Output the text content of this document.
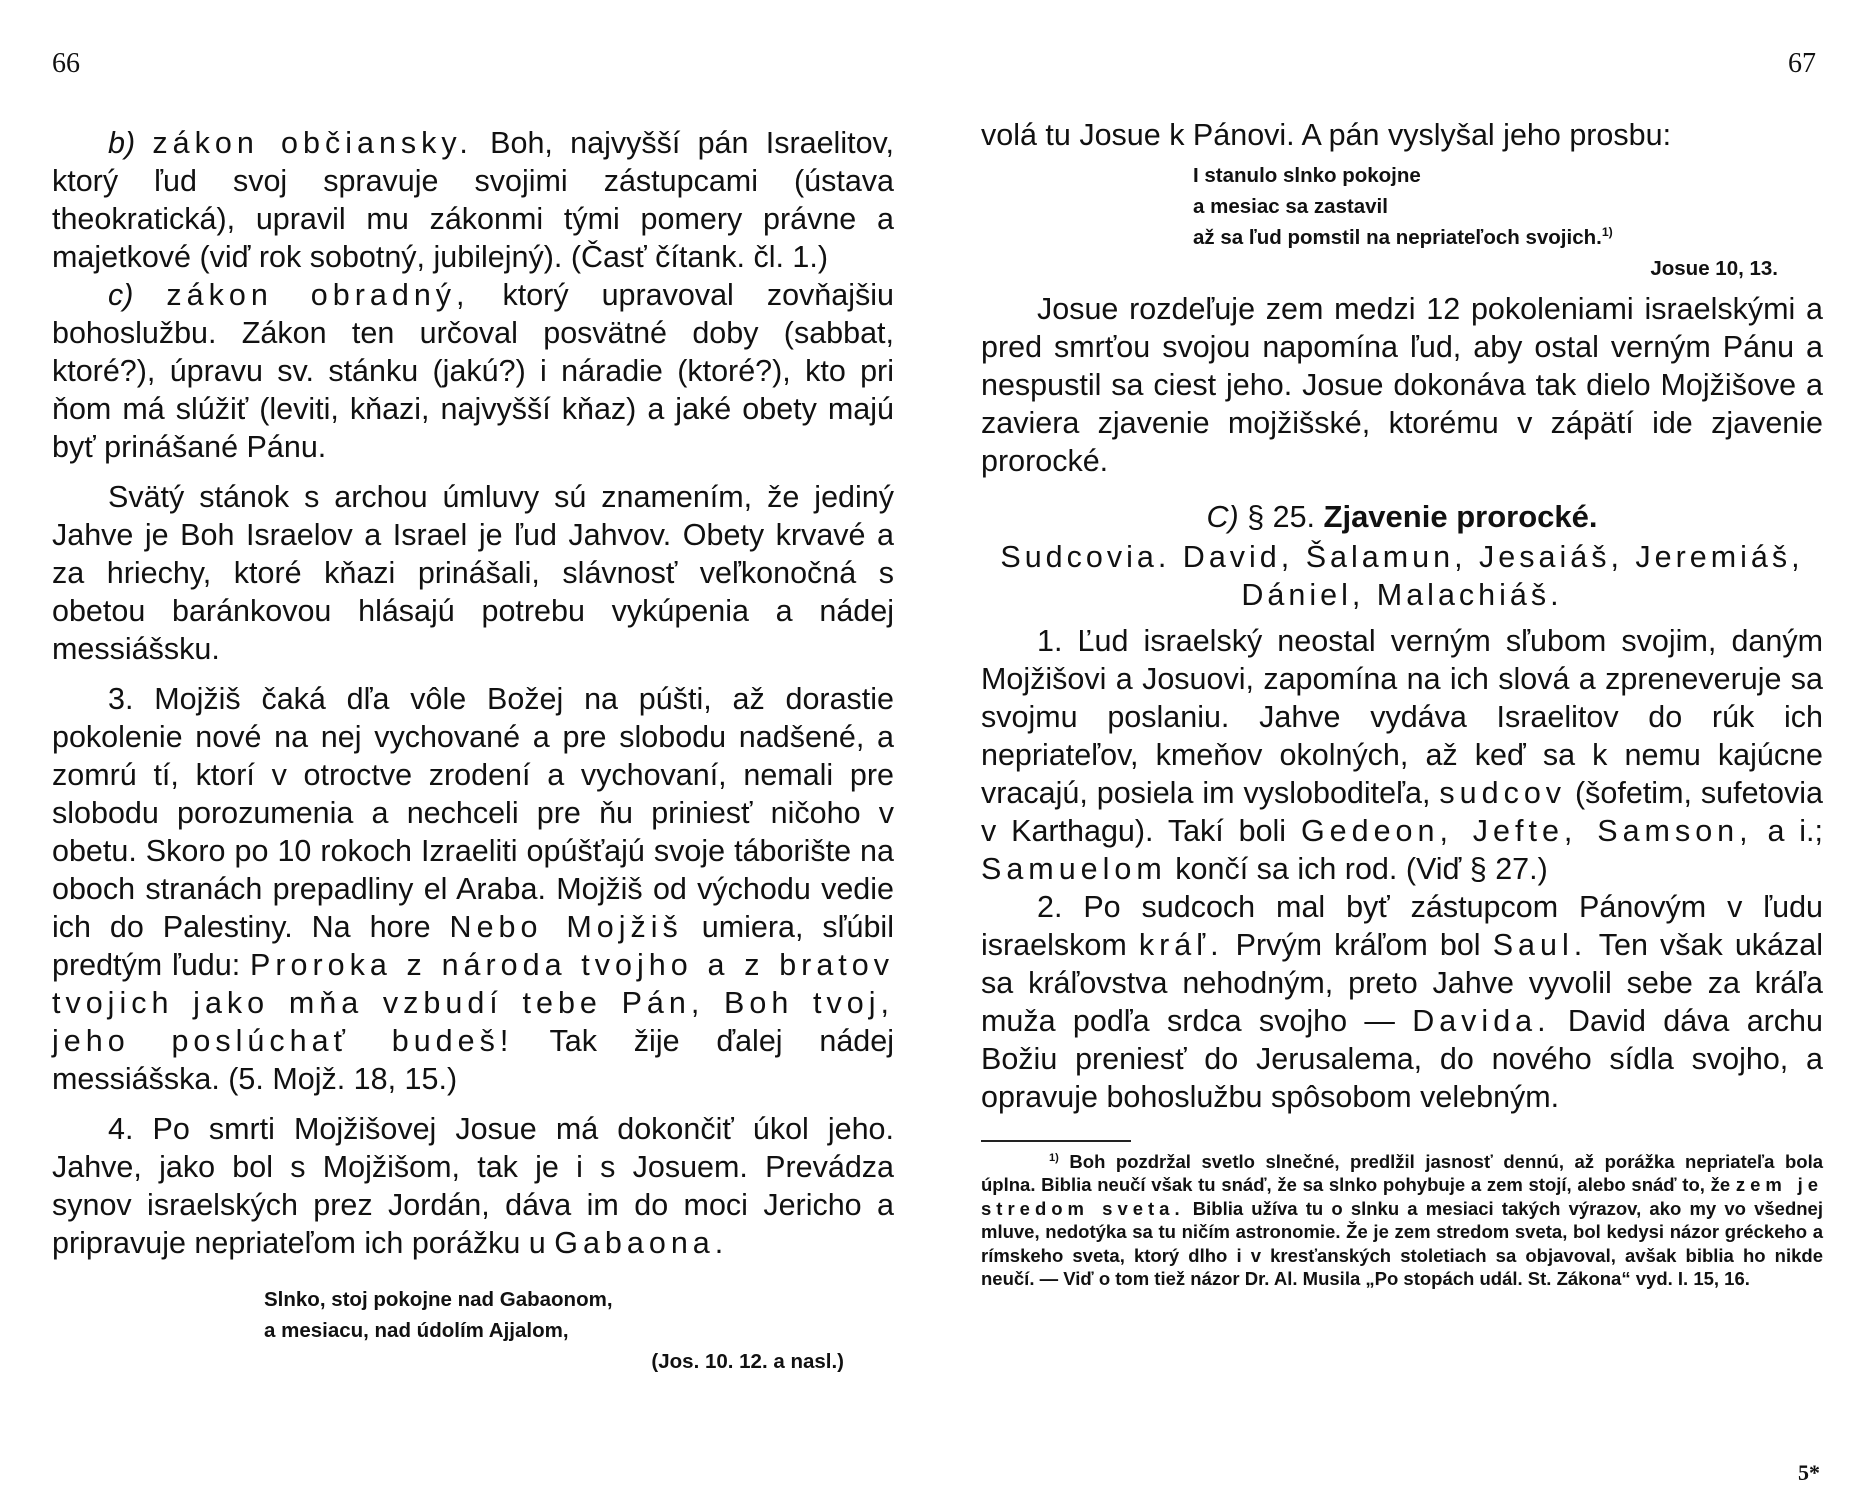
66

b) zákon občiansky. Boh, najvyšší pán Israelitov, ktorý ľud svoj spravuje svojimi zástupcami (ústava theokratická), upravil mu zákonmi tými pomery právne a majetkové (viď rok sobotný, jubilejný). (Časť čítank. čl. 1.)

c) zákon obradný, ktorý upravoval zovňajšiu bohoslužbu. Zákon ten určoval posvätné doby (sabbat, ktoré?), úpravu sv. stánku (jakú?) i náradie (ktoré?), kto pri ňom má slúžiť (leviti, kňazi, najvyšší kňaz) a jaké obety majú byť prinášané Pánu.

Svätý stánok s archou úmluvy sú znamením, že jediný Jahve je Boh Israelov a Israel je ľud Jahvov. Obety krvavé a za hriechy, ktoré kňazi prinášali, slávnosť veľkonočná s obetou baránkovou hlásajú potrebu vykúpenia a nádej messiášsku.

3. Mojžiš čaká dľa vôle Božej na púšti, až dorastie pokolenie nové na nej vychované a pre slobodu nadšené, a zomrú tí, ktorí v otroctve zrodení a vychovaní, nemali pre slobodu porozumenia a nechceli pre ňu priniesť ničoho v obetu. Skoro po 10 rokoch Izraeliti opúšťajú svoje táborište na oboch stranách prepadliny el Araba. Mojžiš od východu vedie ich do Palestiny. Na hore Nebo Mojžiš umiera, sľúbil predtým ľudu: Proroka z národa tvojho a z bratov tvojich jako mňa vzbudí tebe Pán, Boh tvoj, jeho poslúchať budeš! Tak žije ďalej nádej messiášska. (5. Mojž. 18, 15.)

4. Po smrti Mojžišovej Josue má dokončiť úkol jeho. Jahve, jako bol s Mojžišom, tak je i s Josuem. Prevádza synov israelských prez Jordán, dáva im do moci Jericho a pripravuje nepriateľom ich porážku u Gabaona.

Slnko, stoj pokojne nad Gabaonom,
a mesiacu, nad údolím Ajjalom,
(Jos. 10. 12. a nasl.)
67

volá tu Josue k Pánovi. A pán vyslyšal jeho prosbu:

I stanulo slnko pokojne
a mesiac sa zastavil
až sa ľud pomstil na nepriateľoch svojich.$^{1)}$
Josue 10, 13.

Josue rozdeľuje zem medzi 12 pokoleniami israelskými a pred smrťou svojou napomína ľud, aby ostal verným Pánu a nespustil sa ciest jeho. Josue dokonáva tak dielo Mojžišove a zaviera zjavenie mojžišské, ktorému v zápätí ide zjavenie prorocké.

C) § 25. Zjavenie prorocké.

Sudcovia. David, Šalamun, Jesaiáš, Jeremiáš,
Dániel, Malachiáš.

1. Ľud israelský neostal verným sľubom svojim, daným Mojžišovi a Josuovi, zapomína na ich slová a zpreneveruje sa svojmu poslaniu. Jahve vydáva Israelitov do rúk ich nepriateľov, kmeňov okolných, až keď sa k nemu kajúcne vracajú, posiela im vysloboditeľa, sudcov (šofetim, sufetovia v Karthagu). Takí boli Gedeon, Jefte, Samson, a i.; Samuelom končí sa ich rod. (Viď § 27.)

2. Po sudcoch mal byť zástupcom Pánovým v ľudu israelskom kráľ. Prvým kráľom bol Saul. Ten však ukázal sa kráľovstva nehodným, preto Jahve vyvolil sebe za kráľa muža podľa srdca svojho — Davida. David dáva archu Božiu preniesť do Jerusalema, do nového sídla svojho, a opravuje bohoslužbu spôsobom velebným.

$^{1)}$ Boh pozdržal svetlo slnečné, predlžil jasnosť dennú, až porážka nepriateľa bola úplna. Biblia neučí však tu snáď, že sa slnko pohybuje a zem stojí, alebo snáď to, že zem je stredom sveta. Biblia užíva tu o slnku a mesiaci takých výrazov, ako my vo všednej mluve, nedotýka sa tu ničím astronomie. Že je zem stredom sveta, bol kedysi názor gréckeho a rímskeho sveta, ktorý dlho i v kresťanských stoletiach sa objavoval, avšak biblia ho nikde neučí. — Viď o tom tiež názor Dr. Al. Musila „Po stopách udál. St. Zákona“ vyd. I. 15, 16.

5*
